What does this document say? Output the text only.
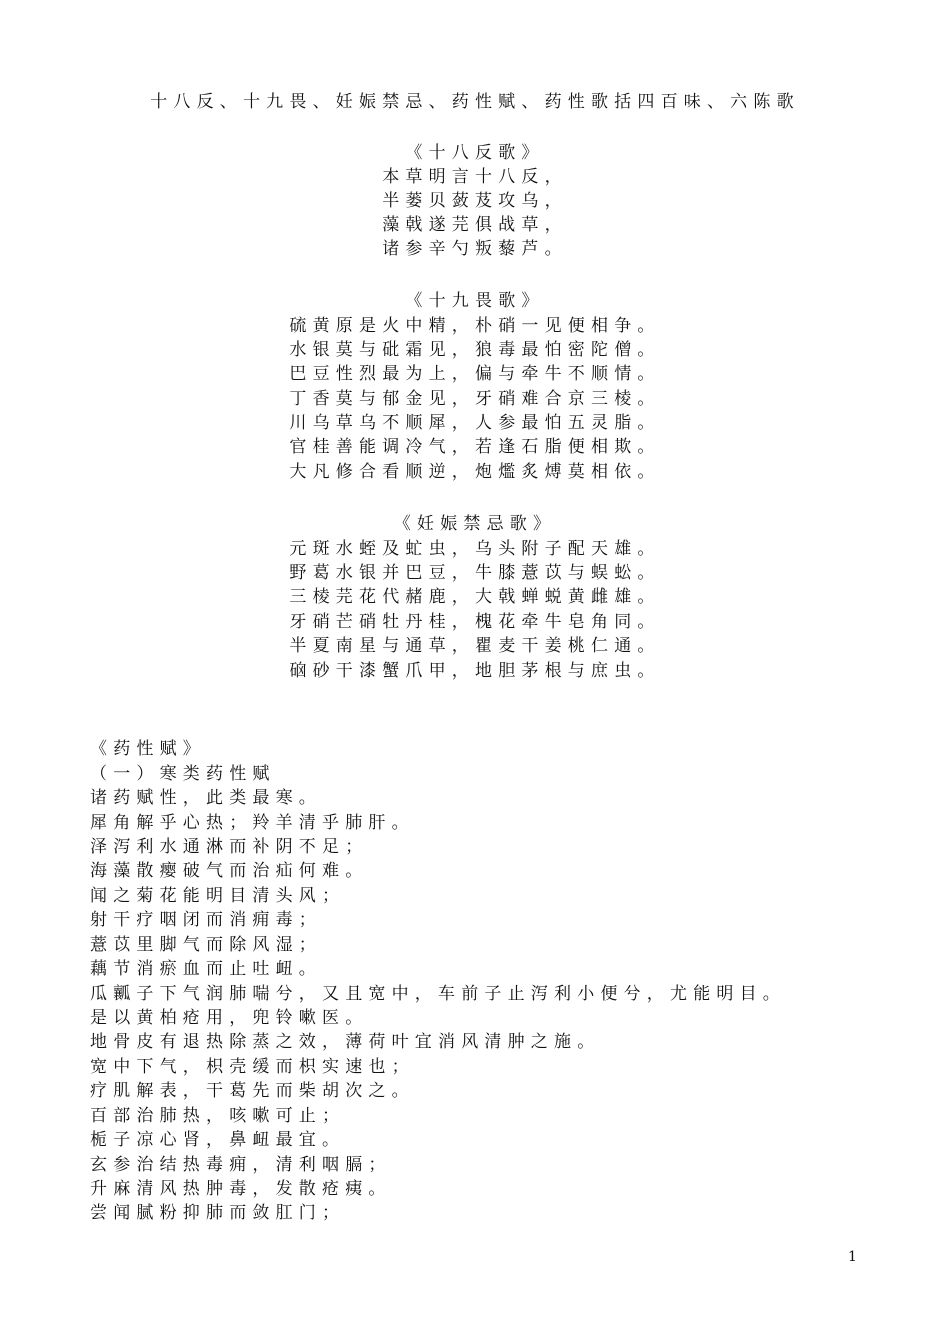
十八反、十九畏、妊娠禁忌、药性赋、药性歌括四百味、六陈歌
《十八反歌》
本草明言十八反，
半蒌贝蔹芨攻乌，
藻戟遂芫俱战草，
诸参辛勺叛藜芦。
《十九畏歌》
硫黄原是火中精，朴硝一见便相争。
水银莫与砒霜见，狼毒最怕密陀僧。
巴豆性烈最为上，偏与牵牛不顺情。
丁香莫与郁金见，牙硝难合京三棱。
川乌草乌不顺犀，人参最怕五灵脂。
官桂善能调冷气，若逢石脂便相欺。
大凡修合看顺逆，炮爁炙煿莫相依。
《妊娠禁忌歌》
元斑水蛭及虻虫，乌头附子配天雄。
野葛水银并巴豆，牛膝薏苡与蜈蚣。
三棱芫花代赭鹿，大戟蝉蜕黄雌雄。
牙硝芒硝牡丹桂，槐花牵牛皂角同。
半夏南星与通草，瞿麦干姜桃仁通。
硇砂干漆蟹爪甲，地胆茅根与庶虫。
《药性赋》
（一）寒类药性赋
诸药赋性，此类最寒。
犀角解乎心热；羚羊清乎肺肝。
泽泻利水通淋而补阴不足；
海藻散瘿破气而治疝何难。
闻之菊花能明目清头风；
射干疗咽闭而消痈毒；
薏苡里脚气而除风湿；
藕节消瘀血而止吐衄。
瓜瓤子下气润肺喘兮，又且宽中，车前子止泻利小便兮，尤能明目。
是以黄柏疮用，兜铃嗽医。
地骨皮有退热除蒸之效，薄荷叶宜消风清肿之施。
宽中下气，枳壳缓而枳实速也；
疗肌解表，干葛先而柴胡次之。
百部治肺热，咳嗽可止；
栀子凉心肾，鼻衄最宜。
玄参治结热毒痈，清利咽膈；
升麻清风热肿毒，发散疮痍。
尝闻腻粉抑肺而敛肛门；
1
